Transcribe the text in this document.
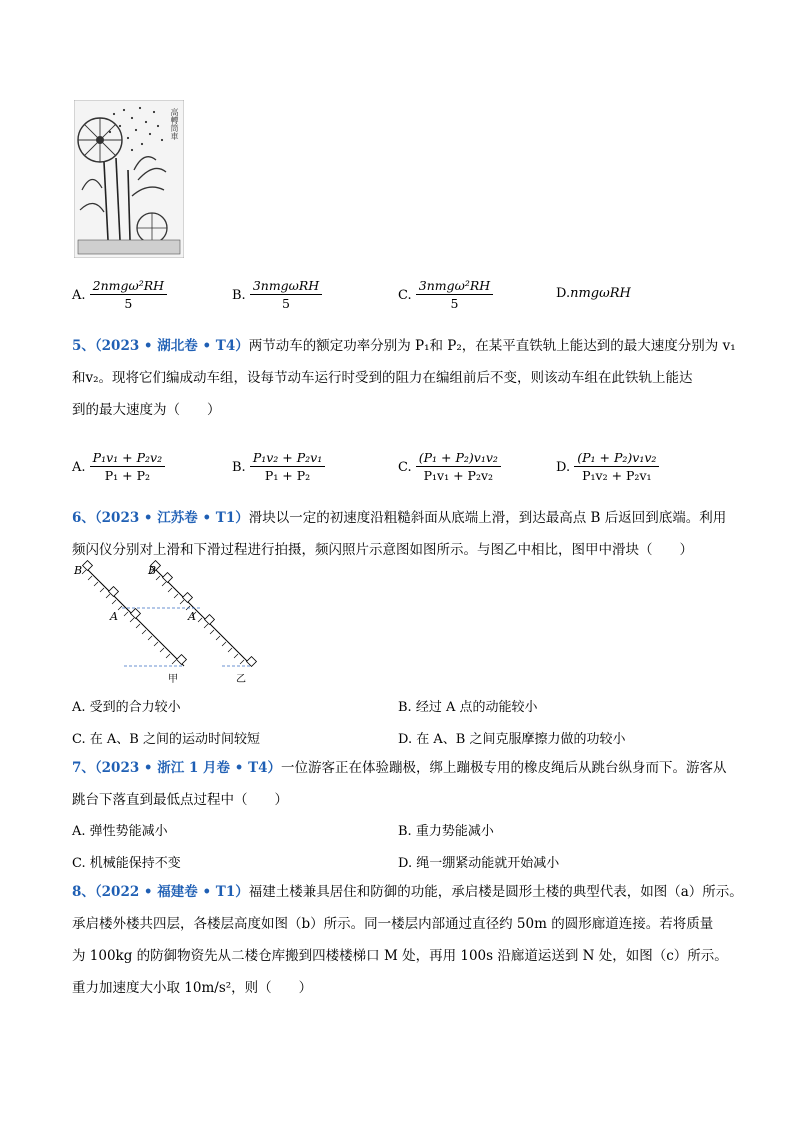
高轉筒車
A. $\frac{\text{2nmgω²RH}}{5}$	B. $\frac{\text{3nmgωRH}}{5}$	C. $\frac{\text{3nmgω²RH}}{5}$	D.nmgωRH
5、（2023 • 湖北卷 • T4）两节动车的额定功率分别为 P₁和 P₂，在某平直铁轨上能达到的最大速度分别为 v₁
和v₂。现将它们编成动车组，设每节动车运行时受到的阻力在编组前后不变，则该动车组在此铁轨上能达
到的最大速度为（　　）
A. $\frac{\text{P₁v₁ + P₂v₂}}{\text{P₁ + P₂}}$	B. $\frac{\text{P₁v₂ + P₂v₁}}{\text{P₁ + P₂}}$	C. $\frac{\text{(P₁ + P₂)v₁v₂}}{\text{P₁v₁ + P₂v₂}}$	D. $\frac{\text{(P₁ + P₂)v₁v₂}}{\text{P₁v₂ + P₂v₁}}$
6、（2023 • 江苏卷 • T1）滑块以一定的初速度沿粗糙斜面从底端上滑，到达最高点 B 后返回到底端。利用
频闪仪分别对上滑和下滑过程进行拍摄，频闪照片示意图如图所示。与图乙中相比，图甲中滑块（　　）
B
A
甲
B
A
乙
A. 受到的合力较小	B. 经过 A 点的动能较小
C. 在 A、B 之间的运动时间较短	D. 在 A、B 之间克服摩擦力做的功较小
7、（2023 • 浙江 1 月卷 • T4）一位游客正在体验蹦极，绑上蹦极专用的橡皮绳后从跳台纵身而下。游客从
跳台下落直到最低点过程中（　　）
A. 弹性势能减小	B. 重力势能减小
C. 机械能保持不变	D. 绳一绷紧动能就开始减小
8、（2022 • 福建卷 • T1）福建土楼兼具居住和防御的功能，承启楼是圆形土楼的典型代表，如图（a）所示。
承启楼外楼共四层，各楼层高度如图（b）所示。同一楼层内部通过直径约 50m 的圆形廊道连接。若将质量
为 100kg 的防御物资先从二楼仓库搬到四楼楼梯口 M 处，再用 100s 沿廊道运送到 N 处，如图（c）所示。
重力加速度大小取 10m/s²，则（　　）
